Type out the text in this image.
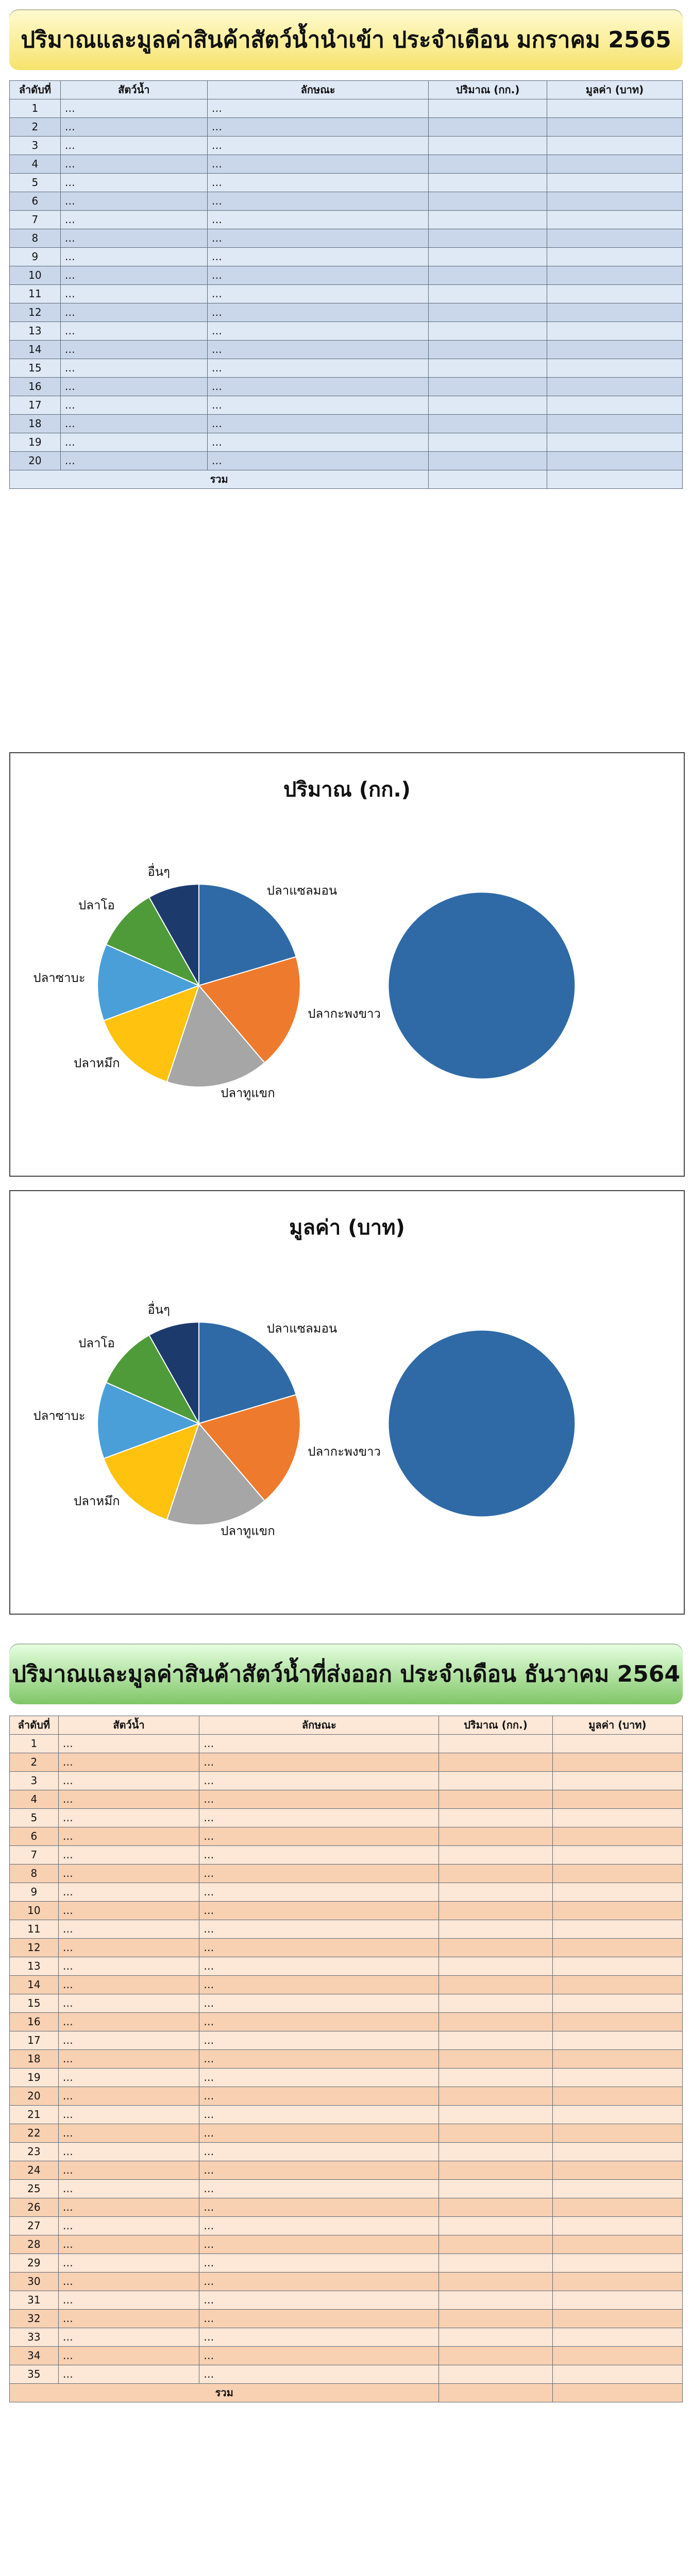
ปริมาณและมูลค่าสินค้าสัตว์น้ำนำเข้า ประจำเดือน มกราคม 2565
ลำดับที่	สัตว์น้ำ	ลักษณะ	ปริมาณ (กก.)	มูลค่า (บาท)
1	…	…		
2	…	…		
3	…	…		
4	…	…		
5	…	…		
6	…	…		
7	…	…		
8	…	…		
9	…	…		
10	…	…		
11	…	…		
12	…	…		
13	…	…		
14	…	…		
15	…	…		
16	…	…		
17	…	…		
18	…	…		
19	…	…		
20	…	…		
รวม				
ปริมาณ (กก.)
ปลาแซลมอน
ปลากะพงขาว
ปลาทูแขก
ปลาหมึก
ปลาซาบะ
ปลาโอ
อื่นๆ
มูลค่า (บาท)
ปลาแซลมอน
ปลากะพงขาว
ปลาทูแขก
ปลาหมึก
ปลาซาบะ
ปลาโอ
อื่นๆ
ปริมาณและมูลค่าสินค้าสัตว์น้ำที่ส่งออก ประจำเดือน ธันวาคม 2564
ลำดับที่	สัตว์น้ำ	ลักษณะ	ปริมาณ (กก.)	มูลค่า (บาท)
1	…	…		
2	…	…		
3	…	…		
4	…	…		
5	…	…		
6	…	…		
7	…	…		
8	…	…		
9	…	…		
10	…	…		
11	…	…		
12	…	…		
13	…	…		
14	…	…		
15	…	…		
16	…	…		
17	…	…		
18	…	…		
19	…	…		
20	…	…		
21	…	…		
22	…	…		
23	…	…		
24	…	…		
25	…	…		
26	…	…		
27	…	…		
28	…	…		
29	…	…		
30	…	…		
31	…	…		
32	…	…		
33	…	…		
34	…	…		
35	…	…		
รวม				
